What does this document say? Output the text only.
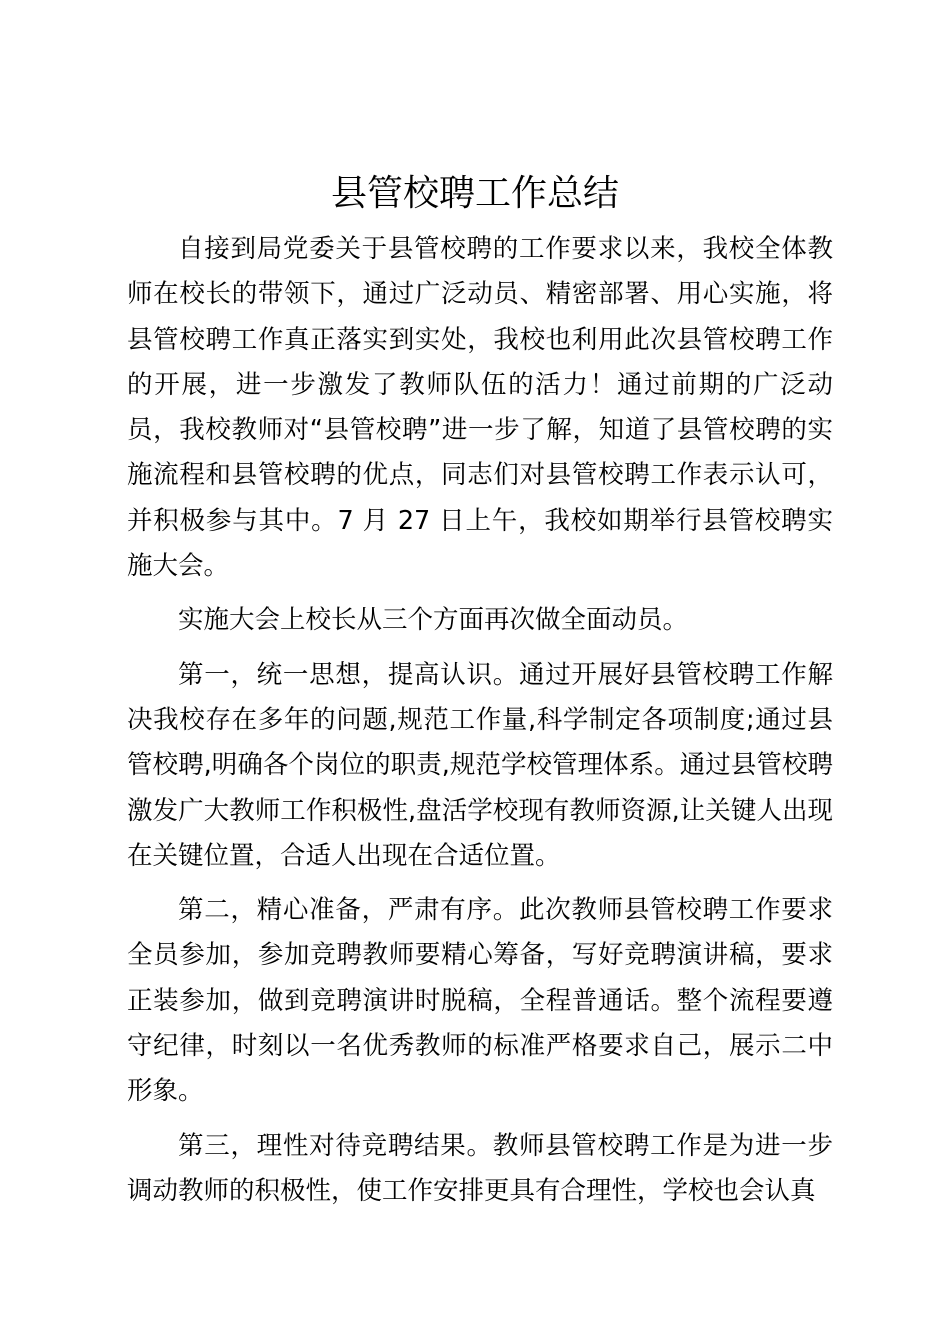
县管校聘工作总结

自接到局党委关于县管校聘的工作要求以来，我校全体教师在校长的带领下，通过广泛动员、精密部署、用心实施，将县管校聘工作真正落实到实处，我校也利用此次县管校聘工作的开展，进一步激发了教师队伍的活力！通过前期的广泛动员，我校教师对“县管校聘”进一步了解，知道了县管校聘的实施流程和县管校聘的优点，同志们对县管校聘工作表示认可，并积极参与其中。7 月 27 日上午，我校如期举行县管校聘实施大会。

实施大会上校长从三个方面再次做全面动员。

第一，统一思想，提高认识。通过开展好县管校聘工作解决我校存在多年的问题,规范工作量,科学制定各项制度;通过县管校聘,明确各个岗位的职责,规范学校管理体系。通过县管校聘激发广大教师工作积极性,盘活学校现有教师资源,让关键人出现在关键位置，合适人出现在合适位置。

第二，精心准备，严肃有序。此次教师县管校聘工作要求全员参加，参加竞聘教师要精心筹备，写好竞聘演讲稿，要求正装参加，做到竞聘演讲时脱稿，全程普通话。整个流程要遵守纪律，时刻以一名优秀教师的标准严格要求自己，展示二中形象。

第三，理性对待竞聘结果。教师县管校聘工作是为进一步调动教师的积极性，使工作安排更具有合理性，学校也会认真
